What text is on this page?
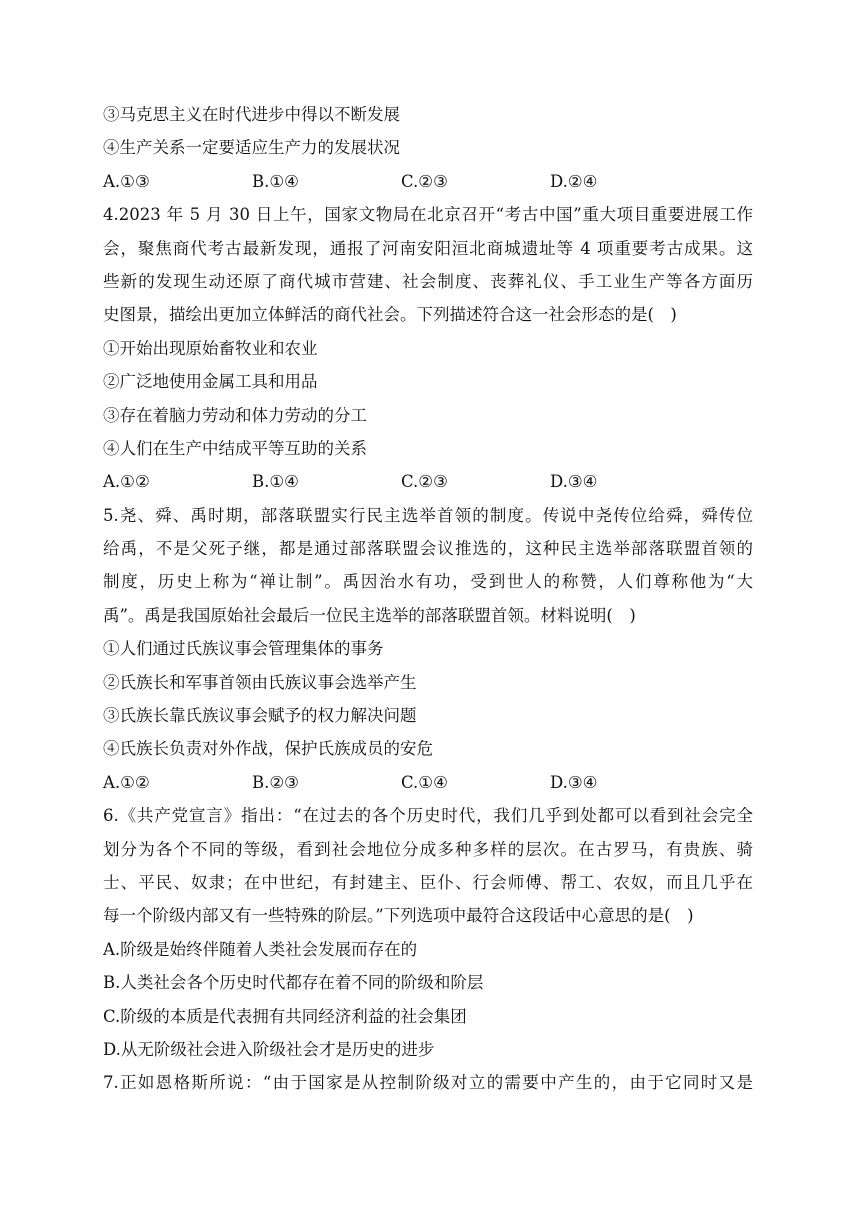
③马克思主义在时代进步中得以不断发展
④生产关系一定要适应生产力的发展状况
A.①③	B.①④	C.②③	D.②④
4.2023 年 5 月 30 日上午，国家文物局在北京召开“考古中国”重大项目重要进展工作
会，聚焦商代考古最新发现，通报了河南安阳洹北商城遗址等 4 项重要考古成果。这
些新的发现生动还原了商代城市营建、社会制度、丧葬礼仪、手工业生产等各方面历
史图景，描绘出更加立体鲜活的商代社会。下列描述符合这一社会形态的是( )
①开始出现原始畜牧业和农业
②广泛地使用金属工具和用品
③存在着脑力劳动和体力劳动的分工
④人们在生产中结成平等互助的关系
A.①②	B.①④	C.②③	D.③④
5.尧、舜、禹时期，部落联盟实行民主选举首领的制度。传说中尧传位给舜，舜传位
给禹，不是父死子继，都是通过部落联盟会议推选的，这种民主选举部落联盟首领的
制度，历史上称为“禅让制”。禹因治水有功，受到世人的称赞，人们尊称他为“大
禹”。禹是我国原始社会最后一位民主选举的部落联盟首领。材料说明( )
①人们通过氏族议事会管理集体的事务
②氏族长和军事首领由氏族议事会选举产生
③氏族长靠氏族议事会赋予的权力解决问题
④氏族长负责对外作战，保护氏族成员的安危
A.①②	B.②③	C.①④	D.③④
6.《共产党宣言》指出：“在过去的各个历史时代，我们几乎到处都可以看到社会完全
划分为各个不同的等级，看到社会地位分成多种多样的层次。在古罗马，有贵族、骑
士、平民、奴隶；在中世纪，有封建主、臣仆、行会师傅、帮工、农奴，而且几乎在
每一个阶级内部又有一些特殊的阶层。”下列选项中最符合这段话中心意思的是( )
A.阶级是始终伴随着人类社会发展而存在的
B.人类社会各个历史时代都存在着不同的阶级和阶层
C.阶级的本质是代表拥有共同经济利益的社会集团
D.从无阶级社会进入阶级社会才是历史的进步
7.正如恩格斯所说：“由于国家是从控制阶级对立的需要中产生的，由于它同时又是
